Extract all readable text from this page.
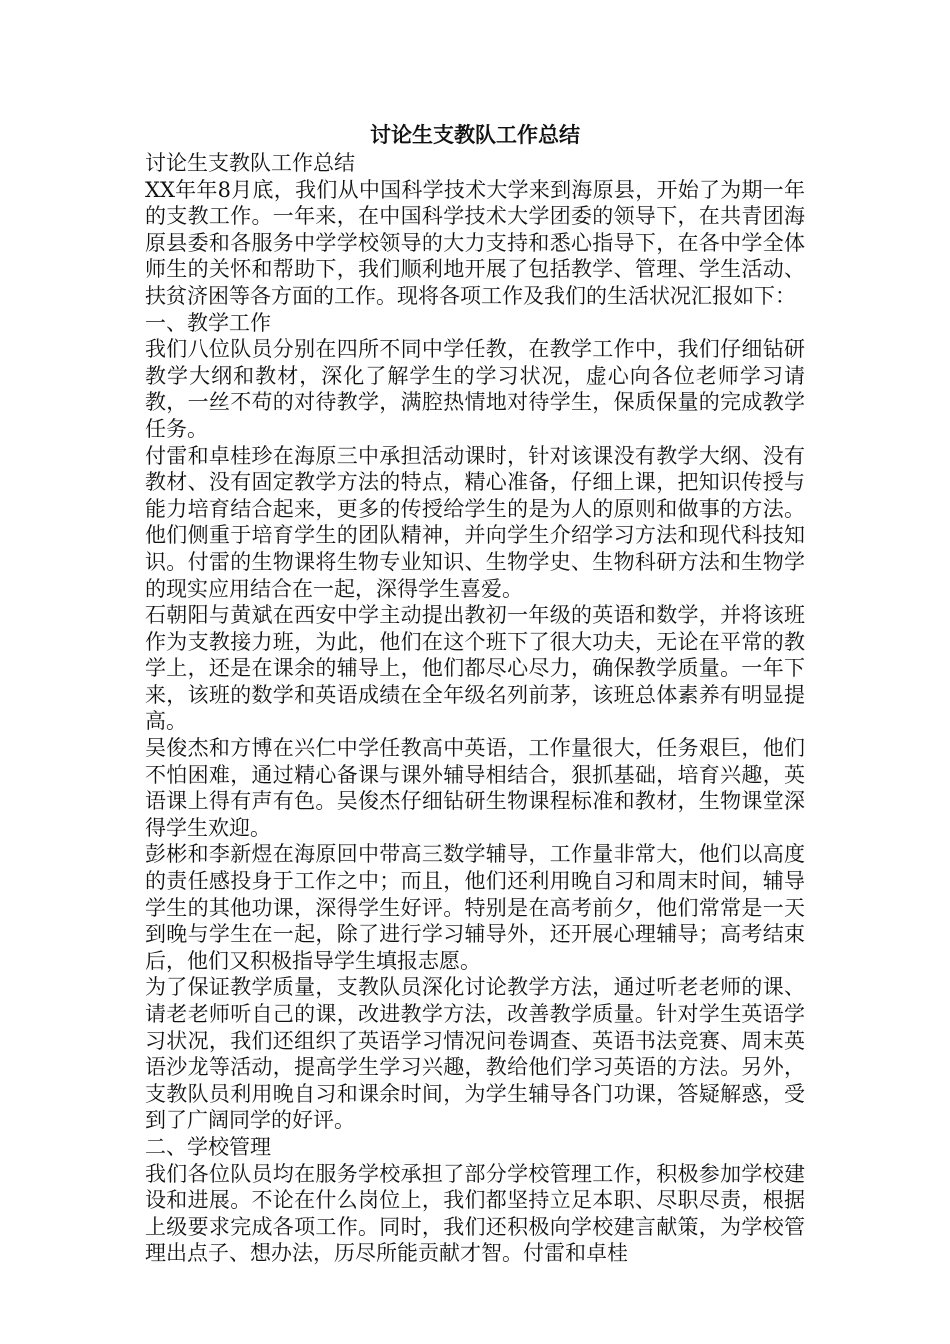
讨论生支教队工作总结

讨论生支教队工作总结

XX年年8月底，我们从中国科学技术大学来到海原县，开始了为期一年的支教工作。一年来，在中国科学技术大学团委的领导下，在共青团海原县委和各服务中学学校领导的大力支持和悉心指导下，在各中学全体师生的关怀和帮助下，我们顺利地开展了包括教学、管理、学生活动、扶贫济困等各方面的工作。现将各项工作及我们的生活状况汇报如下：

一、教学工作

我们八位队员分别在四所不同中学任教，在教学工作中，我们仔细钻研教学大纲和教材，深化了解学生的学习状况，虚心向各位老师学习请教，一丝不苟的对待教学，满腔热情地对待学生，保质保量的完成教学任务。

付雷和卓桂珍在海原三中承担活动课时，针对该课没有教学大纲、没有教材、没有固定教学方法的特点，精心准备，仔细上课，把知识传授与能力培育结合起来，更多的传授给学生的是为人的原则和做事的方法。他们侧重于培育学生的团队精神，并向学生介绍学习方法和现代科技知识。付雷的生物课将生物专业知识、生物学史、生物科研方法和生物学的现实应用结合在一起，深得学生喜爱。

石朝阳与黄斌在西安中学主动提出教初一年级的英语和数学，并将该班作为支教接力班，为此，他们在这个班下了很大功夫，无论在平常的教学上，还是在课余的辅导上，他们都尽心尽力，确保教学质量。一年下来，该班的数学和英语成绩在全年级名列前茅，该班总体素养有明显提高。

吴俊杰和方博在兴仁中学任教高中英语，工作量很大，任务艰巨，他们不怕困难，通过精心备课与课外辅导相结合，狠抓基础，培育兴趣，英语课上得有声有色。吴俊杰仔细钻研生物课程标准和教材，生物课堂深得学生欢迎。

彭彬和李新煜在海原回中带高三数学辅导，工作量非常大，他们以高度的责任感投身于工作之中；而且，他们还利用晚自习和周末时间，辅导学生的其他功课，深得学生好评。特别是在高考前夕，他们常常是一天到晚与学生在一起，除了进行学习辅导外，还开展心理辅导；高考结束后，他们又积极指导学生填报志愿。

为了保证教学质量，支教队员深化讨论教学方法，通过听老老师的课、请老老师听自己的课，改进教学方法，改善教学质量。针对学生英语学习状况，我们还组织了英语学习情况问卷调查、英语书法竞赛、周末英语沙龙等活动，提高学生学习兴趣，教给他们学习英语的方法。另外，支教队员利用晚自习和课余时间，为学生辅导各门功课，答疑解惑，受到了广阔同学的好评。

二、学校管理

我们各位队员均在服务学校承担了部分学校管理工作，积极参加学校建设和进展。不论在什么岗位上，我们都坚持立足本职、尽职尽责，根据上级要求完成各项工作。同时，我们还积极向学校建言献策，为学校管理出点子、想办法，历尽所能贡献才智。付雷和卓桂
